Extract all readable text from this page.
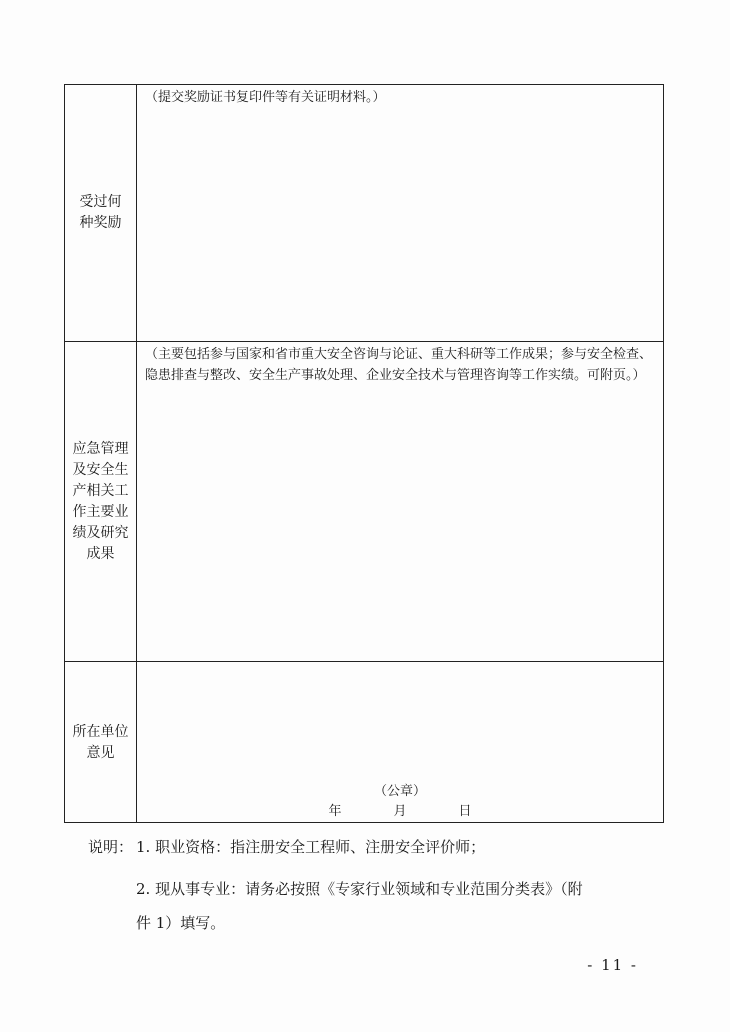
受过何
种奖励
（提交奖励证书复印件等有关证明材料。）
应急管理
及安全生
产相关工
作主要业
绩及研究
成果
（主要包括参与国家和省市重大安全咨询与论证、重大科研等工作成果；参与安全检查、隐患排查与整改、安全生产事故处理、企业安全技术与管理咨询等工作实绩。可附页。）
所在单位
意见
（公章）
年	月	日
说明： 1. 职业资格：指注册安全工程师、注册安全评价师；
2. 现从事专业：请务必按照《专家行业领域和专业范围分类表》（附
件 1）填写。
- 11 -
